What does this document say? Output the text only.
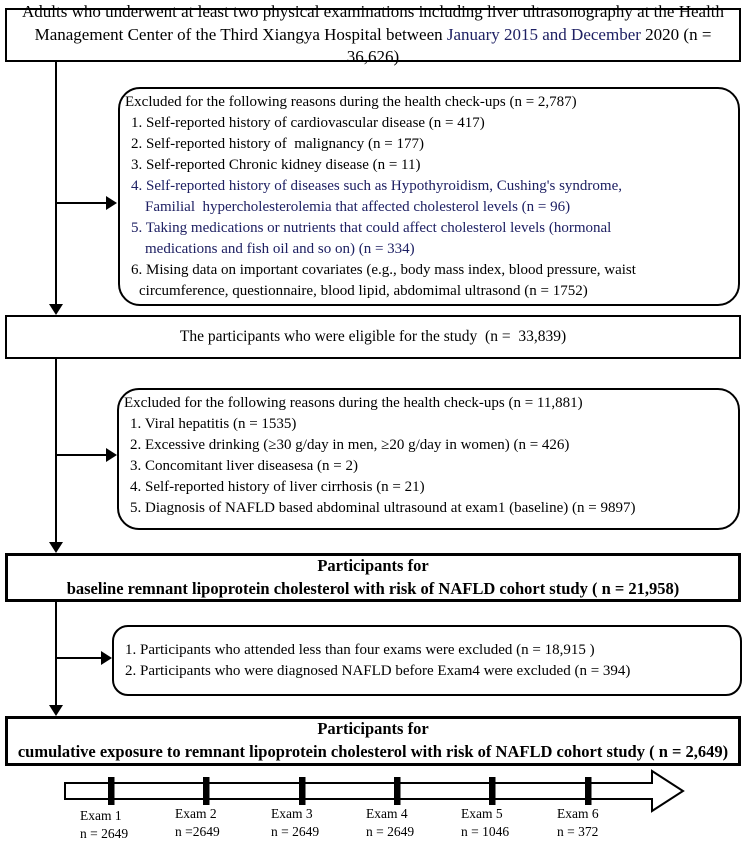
Adults who underwent at least two physical examinations including liver ultrasonography at the Health
Management Center of the Third Xiangya Hospital between January 2015 and December 2020 (n = 36,626)
Excluded for the following reasons during the health check-ups (n = 2,787)
1. Self-reported history of cardiovascular disease (n = 417)
2. Self-reported history of  malignancy (n = 177)
3. Self-reported Chronic kidney disease (n = 11)
4. Self-reported history of diseases such as Hypothyroidism, Cushing's syndrome,
Familial  hypercholesterolemia that affected cholesterol levels (n = 96)
5. Taking medications or nutrients that could affect cholesterol levels (hormonal
medications and fish oil and so on) (n = 334)
6. Mising data on important covariates (e.g., body mass index, blood pressure, waist
circumference, questionnaire, blood lipid, abdomimal ultrasond (n = 1752)
The participants who were eligible for the study  (n =  33,839)
Excluded for the following reasons during the health check-ups (n = 11,881)
1. Viral hepatitis (n = 1535)
2. Excessive drinking (≥30 g/day in men, ≥20 g/day in women) (n = 426)
3. Concomitant liver diseasesa (n = 2)
4. Self-reported history of liver cirrhosis (n = 21)
5. Diagnosis of NAFLD based abdominal ultrasound at exam1 (baseline) (n = 9897)
Participants for
baseline remnant lipoprotein cholesterol with risk of NAFLD cohort study ( n = 21,958)
1. Participants who attended less than four exams were excluded (n = 18,915 )
2. Participants who were diagnosed NAFLD before Exam4 were excluded (n = 394)
Participants for
cumulative exposure to remnant lipoprotein cholesterol with risk of NAFLD cohort study ( n = 2,649)
Exam 1
n = 2649
Exam 2
n =2649
Exam 3
n = 2649
Exam 4
n = 2649
Exam 5
n = 1046
Exam 6
n = 372
